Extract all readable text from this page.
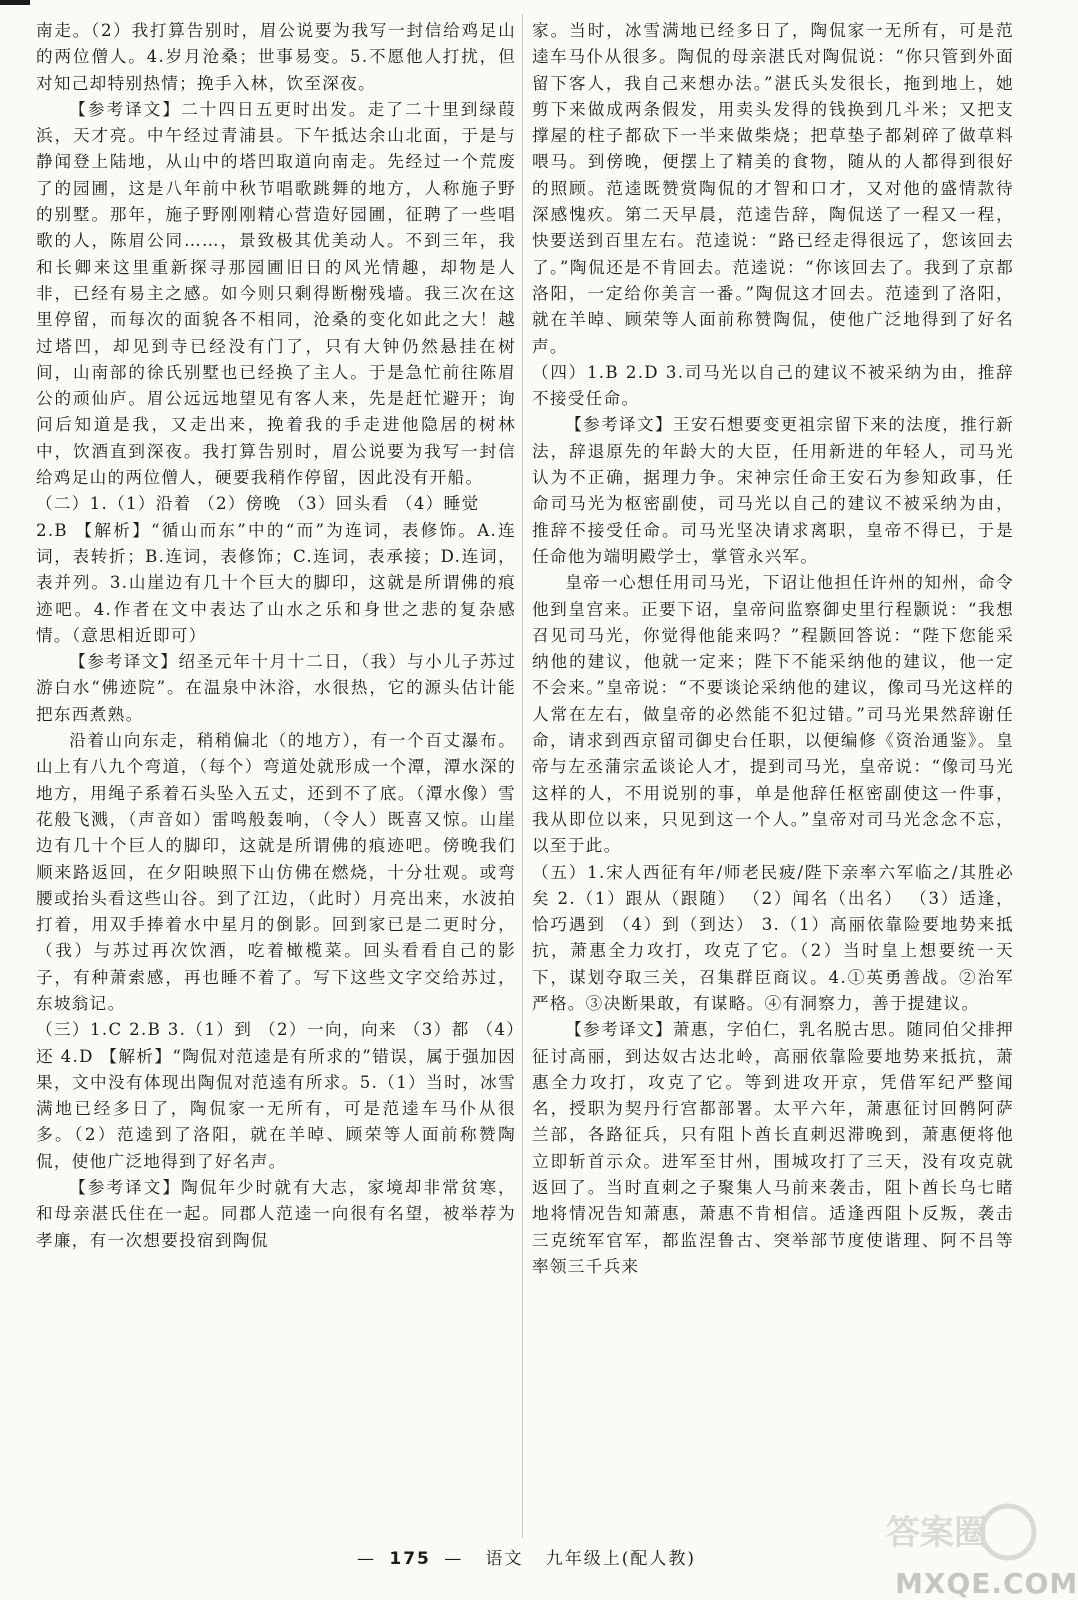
南走。（2）我打算告别时，眉公说要为我写一封信给鸡足山的两位僧人。4.岁月沧桑；世事易变。5.不愿他人打扰，但对知己却特别热情；挽手入林，饮至深夜。

【参考译文】二十四日五更时出发。走了二十里到绿葭浜，天才亮。中午经过青浦县。下午抵达余山北面，于是与静闻登上陆地，从山中的塔凹取道向南走。先经过一个荒废了的园圃，这是八年前中秋节唱歌跳舞的地方，人称施子野的别墅。那年，施子野刚刚精心营造好园圃，征聘了一些唱歌的人，陈眉公同……，景致极其优美动人。不到三年，我和长卿来这里重新探寻那园圃旧日的风光情趣，却物是人非，已经有易主之感。如今则只剩得断榭残墙。我三次在这里停留，而每次的面貌各不相同，沧桑的变化如此之大！越过塔凹，却见到寺已经没有门了，只有大钟仍然悬挂在树间，山南部的徐氏别墅也已经换了主人。于是急忙前往陈眉公的顽仙庐。眉公远远地望见有客人来，先是赶忙避开；询问后知道是我，又走出来，挽着我的手走进他隐居的树林中，饮酒直到深夜。我打算告别时，眉公说要为我写一封信给鸡足山的两位僧人，硬要我稍作停留，因此没有开船。

（二）1.（1）沿着 （2）傍晚 （3）回头看 （4）睡觉

2.B 【解析】“循山而东”中的“而”为连词，表修饰。A.连词，表转折；B.连词，表修饰；C.连词，表承接；D.连词，表并列。3.山崖边有几十个巨大的脚印，这就是所谓佛的痕迹吧。4.作者在文中表达了山水之乐和身世之悲的复杂感情。（意思相近即可）

【参考译文】绍圣元年十月十二日，（我）与小儿子苏过游白水“佛迹院”。在温泉中沐浴，水很热，它的源头估计能把东西煮熟。

沿着山向东走，稍稍偏北（的地方），有一个百丈瀑布。山上有八九个弯道，（每个）弯道处就形成一个潭，潭水深的地方，用绳子系着石头坠入五丈，还到不了底。（潭水像）雪花般飞溅，（声音如）雷鸣般轰响，（令人）既喜又惊。山崖边有几十个巨人的脚印，这就是所谓佛的痕迹吧。傍晚我们顺来路返回，在夕阳映照下山仿佛在燃烧，十分壮观。或弯腰或抬头看这些山谷。到了江边，（此时）月亮出来，水波拍打着，用双手捧着水中星月的倒影。回到家已是二更时分，（我）与苏过再次饮酒，吃着橄榄菜。回头看看自己的影子，有种萧索感，再也睡不着了。写下这些文字交给苏过，东坡翁记。

（三）1.C 2.B 3.（1）到 （2）一向，向来 （3）都 （4）还 4.D 【解析】“陶侃对范逵是有所求的”错误，属于强加因果，文中没有体现出陶侃对范逵有所求。5.（1）当时，冰雪满地已经多日了，陶侃家一无所有，可是范逵车马仆从很多。（2）范逵到了洛阳，就在羊晫、顾荣等人面前称赞陶侃，使他广泛地得到了好名声。

【参考译文】陶侃年少时就有大志，家境却非常贫寒，和母亲湛氏住在一起。同郡人范逵一向很有名望，被举荐为孝廉，有一次想要投宿到陶侃

家。当时，冰雪满地已经多日了，陶侃家一无所有，可是范逵车马仆从很多。陶侃的母亲湛氏对陶侃说：“你只管到外面留下客人，我自己来想办法。”湛氏头发很长，拖到地上，她剪下来做成两条假发，用卖头发得的钱换到几斗米；又把支撑屋的柱子都砍下一半来做柴烧；把草垫子都剁碎了做草料喂马。到傍晚，便摆上了精美的食物，随从的人都得到很好的照顾。范逵既赞赏陶侃的才智和口才，又对他的盛情款待深感愧疚。第二天早晨，范逵告辞，陶侃送了一程又一程，快要送到百里左右。范逵说：“路已经走得很远了，您该回去了。”陶侃还是不肯回去。范逵说：“你该回去了。我到了京都洛阳，一定给你美言一番。”陶侃这才回去。范逵到了洛阳，就在羊晫、顾荣等人面前称赞陶侃，使他广泛地得到了好名声。

（四）1.B 2.D 3.司马光以自己的建议不被采纳为由，推辞不接受任命。

【参考译文】王安石想要变更祖宗留下来的法度，推行新法，辞退原先的年龄大的大臣，任用新进的年轻人，司马光认为不正确，据理力争。宋神宗任命王安石为参知政事，任命司马光为枢密副使，司马光以自己的建议不被采纳为由，推辞不接受任命。司马光坚决请求离职，皇帝不得已，于是任命他为端明殿学士，掌管永兴军。

皇帝一心想任用司马光，下诏让他担任许州的知州，命令他到皇宫来。正要下诏，皇帝问监察御史里行程颢说：“我想召见司马光，你觉得他能来吗？”程颢回答说：“陛下您能采纳他的建议，他就一定来；陛下不能采纳他的建议，他一定不会来。”皇帝说：“不要谈论采纳他的建议，像司马光这样的人常在左右，做皇帝的必然能不犯过错。”司马光果然辞谢任命，请求到西京留司御史台任职，以便编修《资治通鉴》。皇帝与左丞蒲宗孟谈论人才，提到司马光，皇帝说：“像司马光这样的人，不用说别的事，单是他辞任枢密副使这一件事，我从即位以来，只见到这一个人。”皇帝对司马光念念不忘，以至于此。

（五）1.宋人西征有年/师老民疲/陛下亲率六军临之/其胜必矣 2.（1）跟从（跟随） （2）闻名（出名） （3）适逢，恰巧遇到 （4）到（到达） 3.（1）高丽依靠险要地势来抵抗，萧惠全力攻打，攻克了它。（2）当时皇上想要统一天下，谋划夺取三关，召集群臣商议。4.①英勇善战。②治军严格。③决断果敢，有谋略。④有洞察力，善于提建议。

【参考译文】萧惠，字伯仁，乳名脱古思。随同伯父排押征讨高丽，到达奴古达北岭，高丽依靠险要地势来抵抗，萧惠全力攻打，攻克了它。等到进攻开京，凭借军纪严整闻名，授职为契丹行宫都部署。太平六年，萧惠征讨回鹘阿萨兰部，各路征兵，只有阻卜酋长直刺迟滞晚到，萧惠便将他立即斩首示众。进军至甘州，围城攻打了三天，没有攻克就返回了。当时直刺之子聚集人马前来袭击，阻卜酋长乌七睹地将情况告知萧惠，萧惠不肯相信。适逢西阻卜反叛，袭击三克统军官军，都监涅鲁古、突举部节度使谐理、阿不吕等率领三千兵来

— 175 — 语文 九年级上(配人教)
答案圈
MXQE.COM
